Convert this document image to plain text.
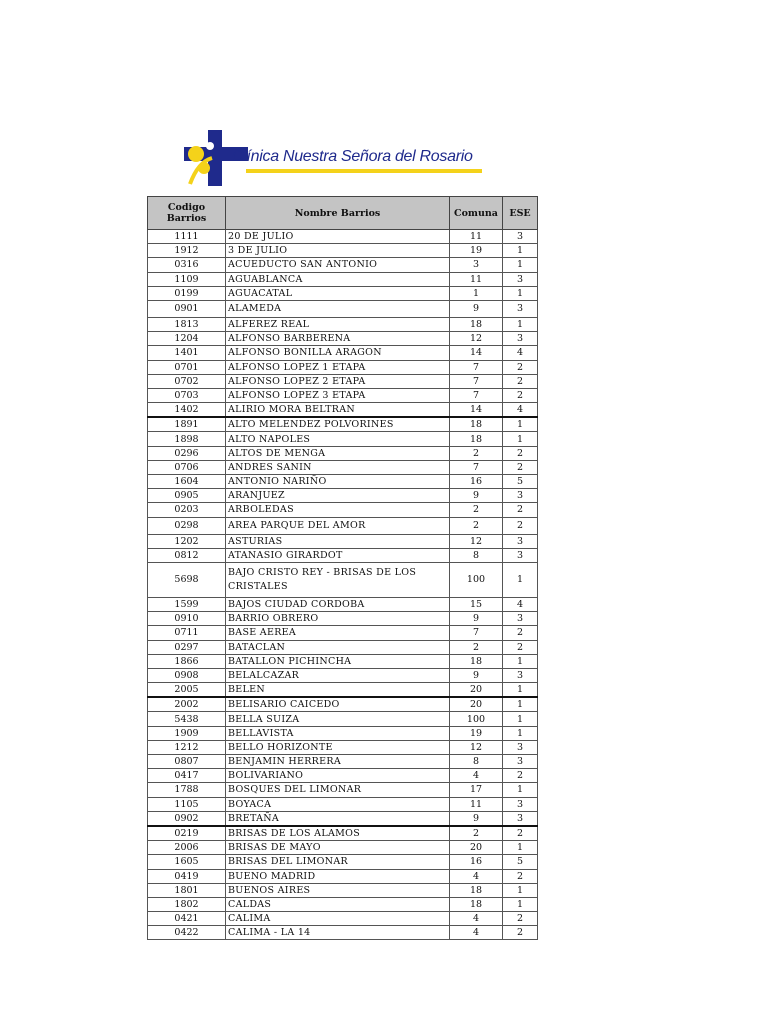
Clínica Nuestra Señora del Rosario
Codigo Barrios	Nombre Barrios	Comuna	ESE
1111	20 DE JULIO	11	3
1912	3 DE JULIO	19	1
0316	ACUEDUCTO SAN ANTONIO	3	1
1109	AGUABLANCA	11	3
0199	AGUACATAL	1	1
0901	ALAMEDA	9	3
1813	ALFEREZ REAL	18	1
1204	ALFONSO BARBERENA	12	3
1401	ALFONSO BONILLA ARAGON	14	4
0701	ALFONSO LOPEZ 1 ETAPA	7	2
0702	ALFONSO LOPEZ 2 ETAPA	7	2
0703	ALFONSO LOPEZ 3 ETAPA	7	2
1402	ALIRIO MORA BELTRAN	14	4
1891	ALTO MELENDEZ POLVORINES	18	1
1898	ALTO NAPOLES	18	1
0296	ALTOS DE MENGA	2	2
0706	ANDRES SANIN	7	2
1604	ANTONIO NARIÑO	16	5
0905	ARANJUEZ	9	3
0203	ARBOLEDAS	2	2
0298	AREA PARQUE DEL AMOR	2	2
1202	ASTURIAS	12	3
0812	ATANASIO GIRARDOT	8	3
5698	BAJO CRISTO REY - BRISAS DE LOS CRISTALES	100	1
1599	BAJOS CIUDAD CORDOBA	15	4
0910	BARRIO OBRERO	9	3
0711	BASE AEREA	7	2
0297	BATACLAN	2	2
1866	BATALLON PICHINCHA	18	1
0908	BELALCAZAR	9	3
2005	BELEN	20	1
2002	BELISARIO CAICEDO	20	1
5438	BELLA SUIZA	100	1
1909	BELLAVISTA	19	1
1212	BELLO HORIZONTE	12	3
0807	BENJAMIN HERRERA	8	3
0417	BOLIVARIANO	4	2
1788	BOSQUES DEL LIMONAR	17	1
1105	BOYACA	11	3
0902	BRETAÑA	9	3
0219	BRISAS DE LOS ALAMOS	2	2
2006	BRISAS DE MAYO	20	1
1605	BRISAS DEL LIMONAR	16	5
0419	BUENO MADRID	4	2
1801	BUENOS AIRES	18	1
1802	CALDAS	18	1
0421	CALIMA	4	2
0422	CALIMA - LA 14	4	2
